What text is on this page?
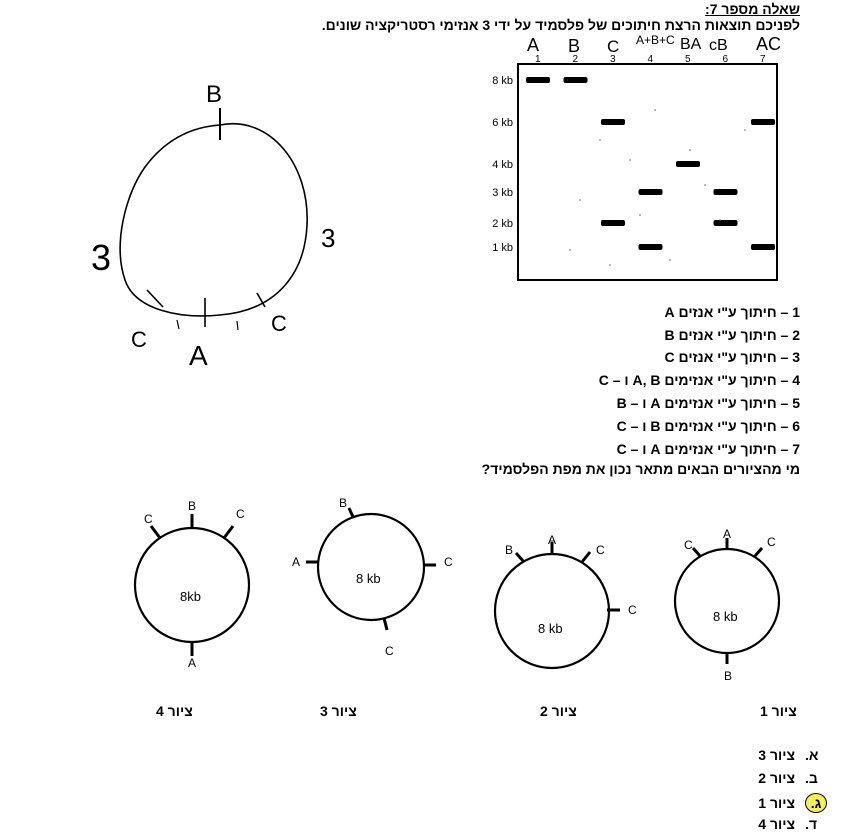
שאלה מספר 7:
לפניכם תוצאות הרצת חיתוכים של פלסמיד על ידי 3 אנזימי רסטריקציה שונים.
A B C A+B+C BA cB AC
1	2	3	4	5	6	7
8 kb
6 kb
4 kb
3 kb
2 kb
1 kb
B
C
A
C
3	3
1 – חיתוך ע"י אנזים A
2 – חיתוך ע"י אנזים B
3 – חיתוך ע"י אנזים C
4 – חיתוך ע"י אנזימים A, B ו – C
5 – חיתוך ע"י אנזימים A ו – B
6 – חיתוך ע"י אנזימים B ו – C
7 – חיתוך ע"י אנזימים A ו – C
מי מהציורים הבאים מתאר נכון את מפת הפלסמיד?
C
B
C
A
8kb
B
A	C
C
8 kb
B
A
C
C
8 kb
C
A
C
B
8 kb
ציור 4	ציור 3	ציור 2	ציור 1
א.
ציור 3
ב.
ציור 2
ג.
ציור 1
ד.
ציור 4
